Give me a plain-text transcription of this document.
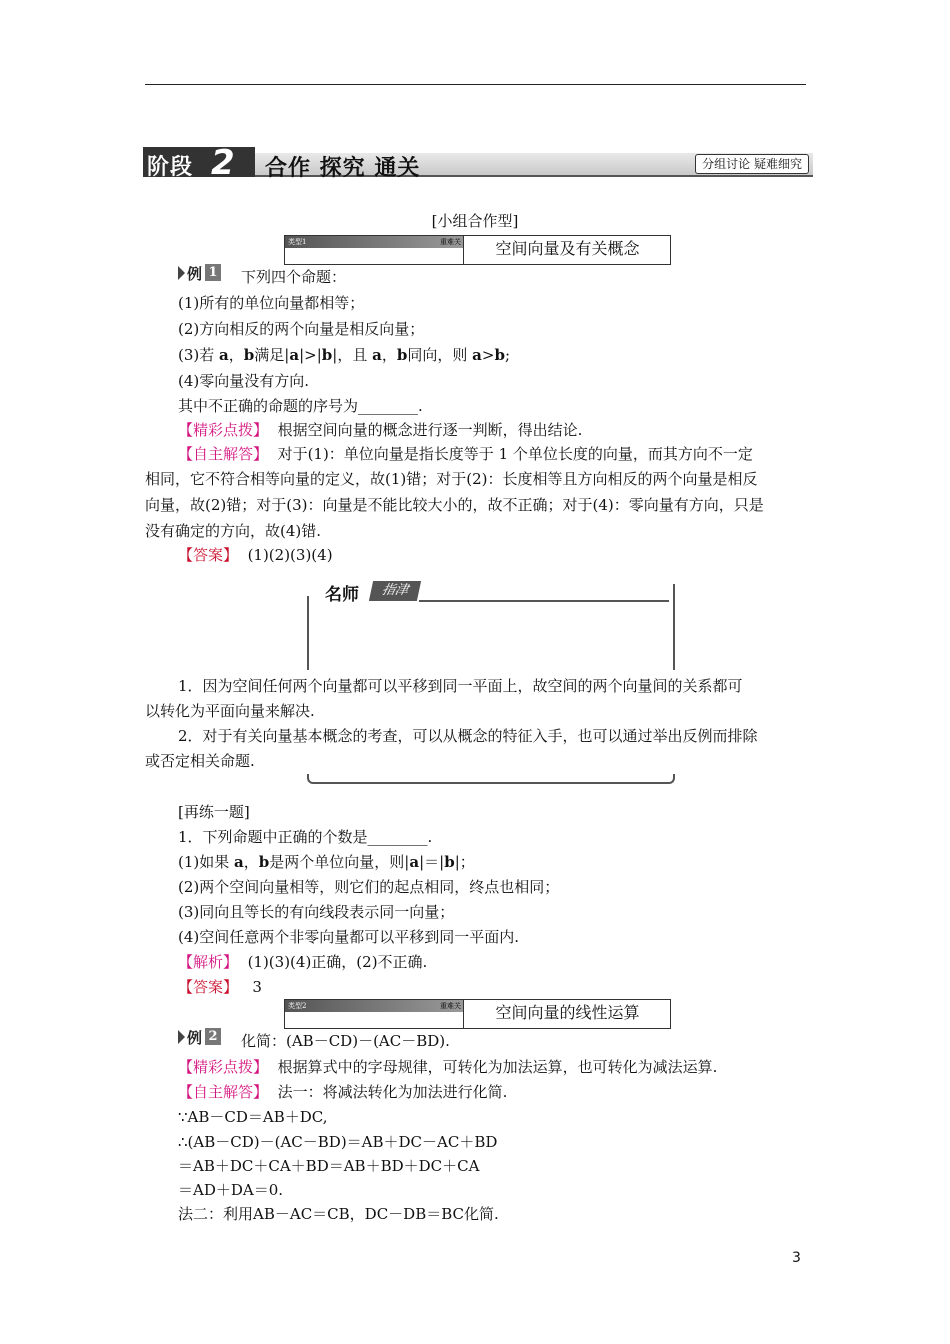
阶段 2 合作 探究 通关	分组讨论 疑难细究
[小组合作型]
类型1	重难关	空间向量及有关概念
例 1 下列四个命题：
(1)所有的单位向量都相等；
(2)方向相反的两个向量是相反向量；
(3)若 a，b满足|a|>|b|，且 a，b同向，则 a>b;
(4)零向量没有方向.
其中不正确的命题的序号为________.
【精彩点拨】 根据空间向量的概念进行逐一判断，得出结论.
【自主解答】 对于(1)：单位向量是指长度等于 1 个单位长度的向量，而其方向不一定
相同，它不符合相等向量的定义，故(1)错；对于(2)：长度相等且方向相反的两个向量是相反
向量，故(2)错；对于(3)：向量是不能比较大小的，故不正确；对于(4)：零向量有方向，只是
没有确定的方向，故(4)错.
【答案】 (1)(2)(3)(4)
名师	指津
1．因为空间任何两个向量都可以平移到同一平面上，故空间的两个向量间的关系都可
以转化为平面向量来解决.
2．对于有关向量基本概念的考查，可以从概念的特征入手，也可以通过举出反例而排除
或否定相关命题.
[再练一题]
1．下列命题中正确的个数是________.
(1)如果 a，b是两个单位向量，则|a|＝|b|；
(2)两个空间向量相等，则它们的起点相同，终点也相同；
(3)同向且等长的有向线段表示同一向量；
(4)空间任意两个非零向量都可以平移到同一平面内.
【解析】 (1)(3)(4)正确，(2)不正确.
【答案】 3
类型2	重难关	空间向量的线性运算
例 2 化简：(AB－CD)－(AC－BD).
【精彩点拨】 根据算式中的字母规律，可转化为加法运算，也可转化为减法运算.
【自主解答】 法一：将减法转化为加法进行化简.
∵AB－CD＝AB＋DC,
∴(AB－CD)－(AC－BD)＝AB＋DC－AC＋BD
＝AB＋DC＋CA＋BD＝AB＋BD＋DC＋CA
＝AD＋DA＝0.
法二：利用AB－AC＝CB，DC－DB＝BC化简.
3
